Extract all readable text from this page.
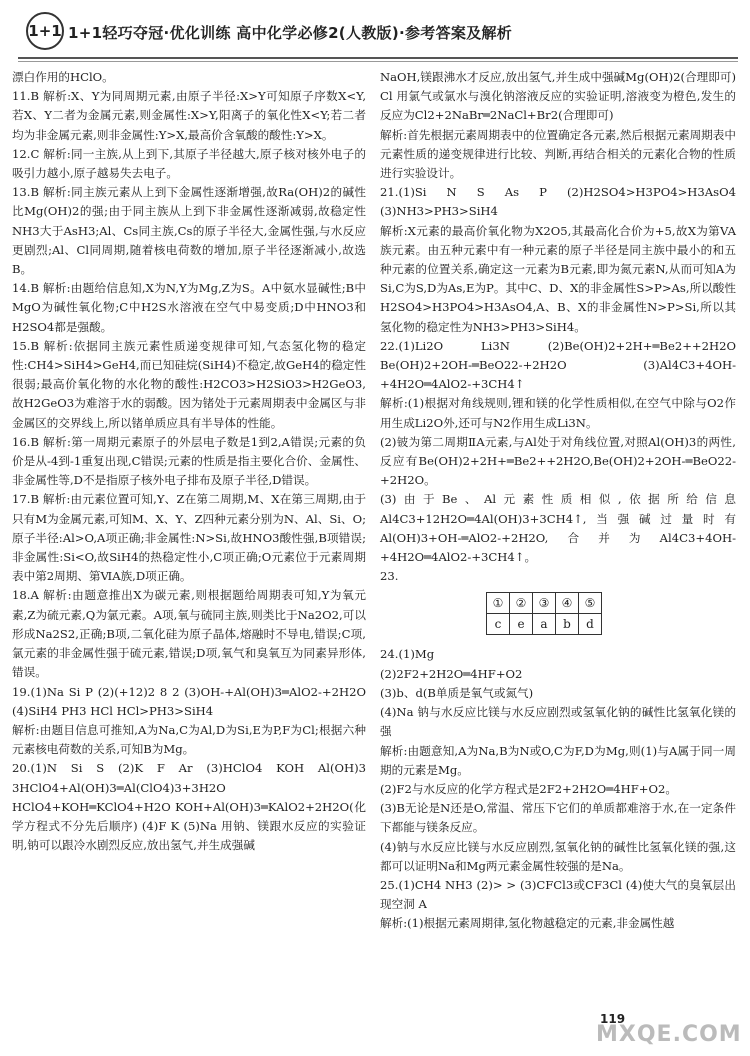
1+1 1+1轻巧夺冠·优化训练 高中化学必修2(人教版)·参考答案及解析

漂白作用的HClO。

11.B 解析:X、Y为同周期元素,由原子半径:X>Y可知原子序数X<Y,若X、Y二者为金属元素,则金属性:X>Y,阳离子的氧化性X<Y;若二者均为非金属元素,则非金属性:Y>X,最高价含氧酸的酸性:Y>X。

12.C 解析:同一主族,从上到下,其原子半径越大,原子核对核外电子的吸引力越小,原子越易失去电子。

13.B 解析:同主族元素从上到下金属性逐渐增强,故Ra(OH)2的碱性比Mg(OH)2的强;由于同主族从上到下非金属性逐渐减弱,故稳定性NH3大于AsH3;Al、Cs同主族,Cs的原子半径大,金属性强,与水反应更剧烈;Al、Cl同周期,随着核电荷数的增加,原子半径逐渐减小,故选B。

14.B 解析:由题给信息知,X为N,Y为Mg,Z为S。A中氨水显碱性;B中MgO为碱性氧化物;C中H2S水溶液在空气中易变质;D中HNO3和H2SO4都是强酸。

15.B 解析:依据同主族元素性质递变规律可知,气态氢化物的稳定性:CH4>SiH4>GeH4,而已知硅烷(SiH4)不稳定,故GeH4的稳定性很弱;最高价氧化物的水化物的酸性:H2CO3>H2SiO3>H2GeO3,故H2GeO3为难溶于水的弱酸。因为锗处于元素周期表中金属区与非金属区的交界线上,所以锗单质应具有半导体的性能。

16.B 解析:第一周期元素原子的外层电子数是1到2,A错误;元素的负价是从-4到-1重复出现,C错误;元素的性质是指主要化合价、金属性、非金属性等,D不是指原子核外电子排布及原子半径,D错误。

17.B 解析:由元素位置可知,Y、Z在第二周期,M、X在第三周期,由于只有M为金属元素,可知M、X、Y、Z四种元素分别为N、Al、Si、O;原子半径:Al>O,A项正确;非金属性:N>Si,故HNO3酸性强,B项错误;非金属性:Si<O,故SiH4的热稳定性小,C项正确;O元素位于元素周期表中第2周期、第ⅥA族,D项正确。

18.A 解析:由题意推出X为碳元素,则根据题给周期表可知,Y为氧元素,Z为硫元素,Q为氯元素。A项,氧与硫同主族,则类比于Na2O2,可以形成Na2S2,正确;B项,二氧化硅为原子晶体,熔融时不导电,错误;C项,氯元素的非金属性强于硫元素,错误;D项,氧气和臭氧互为同素异形体,错误。

19.(1)Na Si P (2)(+12)2 8 2 (3)OH-+Al(OH)3═AlO2-+2H2O (4)SiH4 PH3 HCl HCl>PH3>SiH4

解析:由题目信息可推知,A为Na,C为Al,D为Si,E为P,F为Cl;根据六种元素核电荷数的关系,可知B为Mg。

20.(1)N Si S (2)K F Ar (3)HClO4 KOH Al(OH)3 3HClO4+Al(OH)3═Al(ClO4)3+3H2O HClO4+KOH═KClO4+H2O KOH+Al(OH)3═KAlO2+2H2O(化学方程式不分先后顺序) (4)F K (5)Na 用钠、镁跟水反应的实验证明,钠可以跟冷水剧烈反应,放出氢气,并生成强碱

NaOH,镁跟沸水才反应,放出氢气,并生成中强碱Mg(OH)2(合理即可) Cl 用氯气或氯水与溴化钠溶液反应的实验证明,溶液变为橙色,发生的反应为Cl2+2NaBr═2NaCl+Br2(合理即可)

解析:首先根据元素周期表中的位置确定各元素,然后根据元素周期表中元素性质的递变规律进行比较、判断,再结合相关的元素化合物的性质进行实验设计。

21.(1)Si N S As P (2)H2SO4>H3PO4>H3AsO4 (3)NH3>PH3>SiH4

解析:X元素的最高价氧化物为X2O5,其最高化合价为+5,故X为第VA族元素。由五种元素中有一种元素的原子半径是同主族中最小的和五种元素的位置关系,确定这一元素为B元素,即为氮元素N,从而可知A为Si,C为S,D为As,E为P。其中C、D、X的非金属性S>P>As,所以酸性H2SO4>H3PO4>H3AsO4,A、B、X的非金属性N>P>Si,所以其氢化物的稳定性为NH3>PH3>SiH4。

22.(1)Li2O Li3N (2)Be(OH)2+2H+═Be2++2H2O Be(OH)2+2OH-═BeO22-+2H2O (3)Al4C3+4OH-+4H2O═4AlO2-+3CH4↑

解析:(1)根据对角线规则,锂和镁的化学性质相似,在空气中除与O2作用生成Li2O外,还可与N2作用生成Li3N。

(2)铍为第二周期ⅡA元素,与Al处于对角线位置,对照Al(OH)3的两性,反应有Be(OH)2+2H+═Be2++2H2O,Be(OH)2+2OH-═BeO22-+2H2O。

(3)由于Be、Al元素性质相似,依据所给信息Al4C3+12H2O═4Al(OH)3+3CH4↑,当强碱过量时有Al(OH)3+OH-═AlO2-+2H2O,合并为Al4C3+4OH-+4H2O═4AlO2-+3CH4↑。

23.

①	②	③	④	⑤
c	e	a	b	d

24.(1)Mg

(2)2F2+2H2O═4HF+O2

(3)b、d(B单质是氧气或氮气)

(4)Na 钠与水反应比镁与水反应剧烈或氢氧化钠的碱性比氢氧化镁的强

解析:由题意知,A为Na,B为N或O,C为F,D为Mg,则(1)与A属于同一周期的元素是Mg。

(2)F2与水反应的化学方程式是2F2+2H2O═4HF+O2。

(3)B无论是N还是O,常温、常压下它们的单质都难溶于水,在一定条件下都能与镁条反应。

(4)钠与水反应比镁与水反应剧烈,氢氧化钠的碱性比氢氧化镁的强,这都可以证明Na和Mg两元素金属性较强的是Na。

25.(1)CH4 NH3 (2)> > (3)CFCl3或CF3Cl (4)使大气的臭氧层出现空洞 A

解析:(1)根据元素周期律,氢化物越稳定的元素,非金属性越

119
MXQE.COM
